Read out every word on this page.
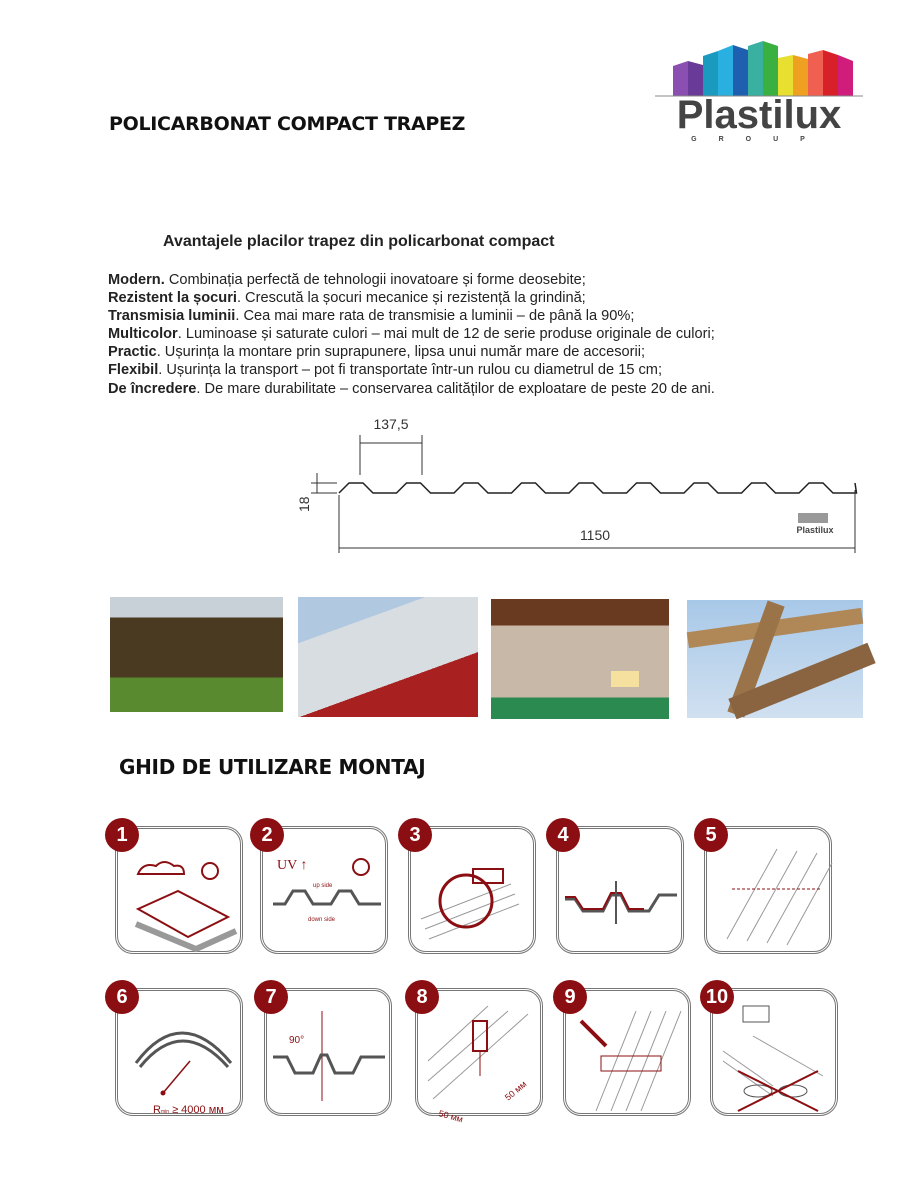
POLICARBONAT COMPACT TRAPEZ	Plastilux
GROUP
Avantajele placilor trapez din policarbonat compact
Modern. Combinația perfectă de tehnologii inovatoare și forme deosebite;
Rezistent la șocuri. Crescută la șocuri mecanice și rezistență la grindină;
Transmisia luminii. Cea mai mare rata de transmisie a luminii – de până la 90%;
Multicolor. Luminoase și saturate culori – mai mult de 12 de serie produse originale de culori;
Practic. Ușurința la montare prin suprapunere, lipsa unui număr mare de accesorii;
Flexibil. Ușurința la transport – pot fi transportate într-un rulou cu diametrul de 15 cm;
De încredere. De mare durabilitate – conservarea calităților de exploatare de peste 20 de ani.
137,5
18
1150	Plastilux
GHID DE UTILIZARE MONTAJ
1	2
UV ↑
up side
down side
3	4	5
6
Rmin ≥ 4000 мм
7
90°
8
50 мм
50 мм
9	10
